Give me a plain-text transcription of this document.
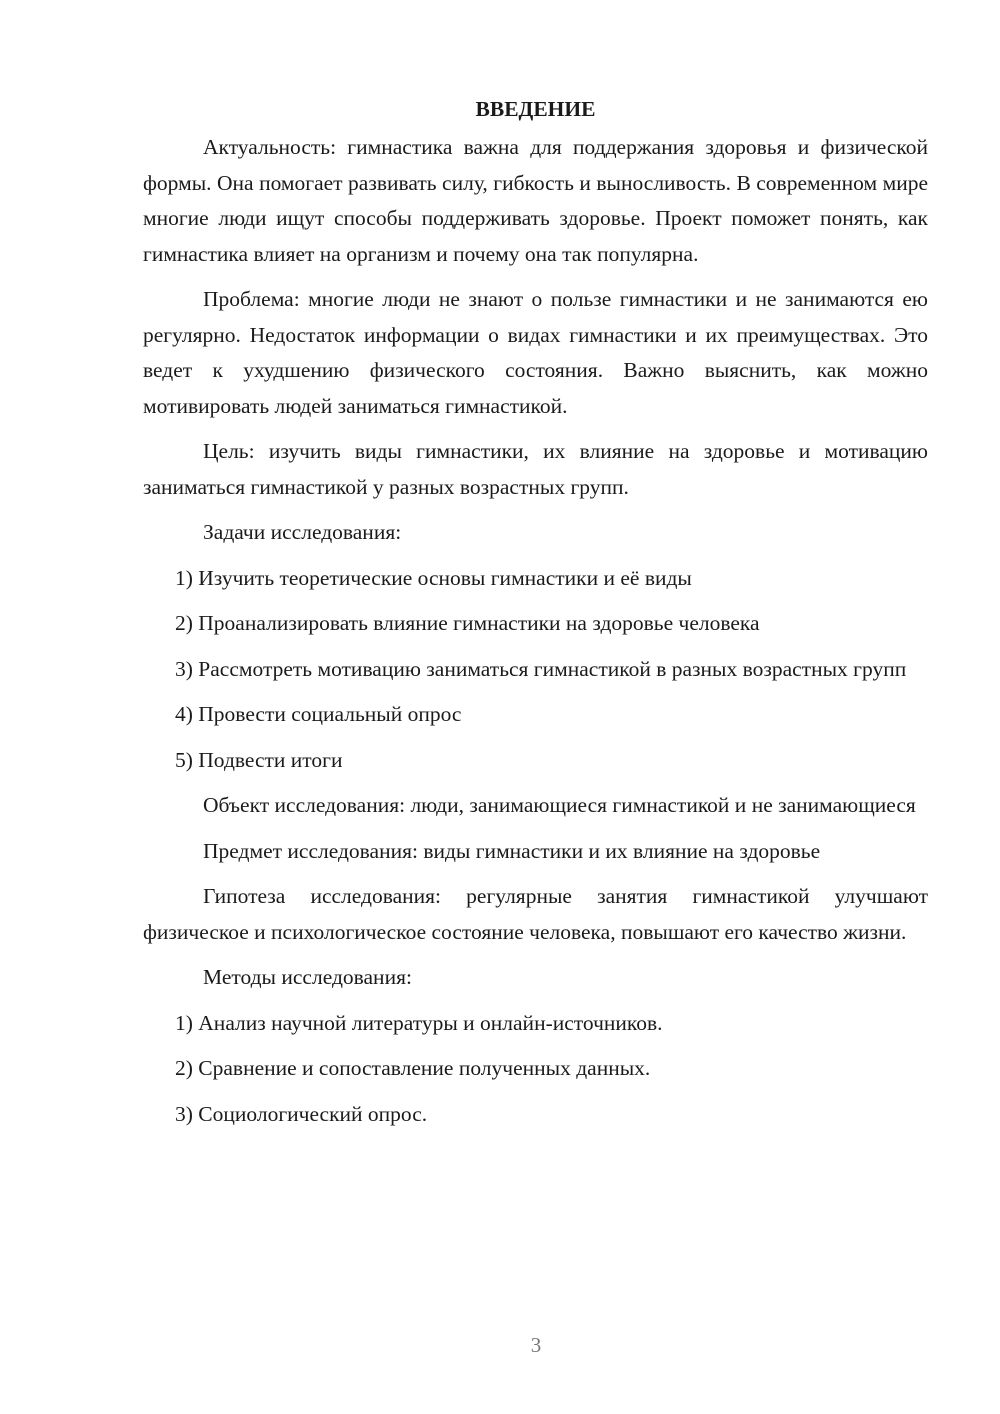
ВВЕДЕНИЕ

Актуальность: гимнастика важна для поддержания здоровья и физической формы. Она помогает развивать силу, гибкость и выносливость. В современном мире многие люди ищут способы поддерживать здоровье. Проект поможет понять, как гимнастика влияет на организм и почему она так популярна.

Проблема: многие люди не знают о пользе гимнастики и не занимаются ею регулярно. Недостаток информации о видах гимнастики и их преимуществах. Это ведет к ухудшению физического состояния. Важно выяснить, как можно мотивировать людей заниматься гимнастикой.

Цель: изучить виды гимнастики, их влияние на здоровье и мотивацию заниматься гимнастикой у разных возрастных групп.

Задачи исследования:

1) Изучить теоретические основы гимнастики и её виды

2) Проанализировать влияние гимнастики на здоровье человека

3) Рассмотреть мотивацию заниматься гимнастикой в разных возрастных групп

4) Провести социальный опрос

5) Подвести итоги

Объект исследования: люди, занимающиеся гимнастикой и не занимающиеся

Предмет исследования: виды гимнастики и их влияние на здоровье

Гипотеза исследования: регулярные занятия гимнастикой улучшают физическое и психологическое состояние человека, повышают его качество жизни.

Методы исследования:

1) Анализ научной литературы и онлайн-источников.

2) Сравнение и сопоставление полученных данных.

3) Социологический опрос.

3
